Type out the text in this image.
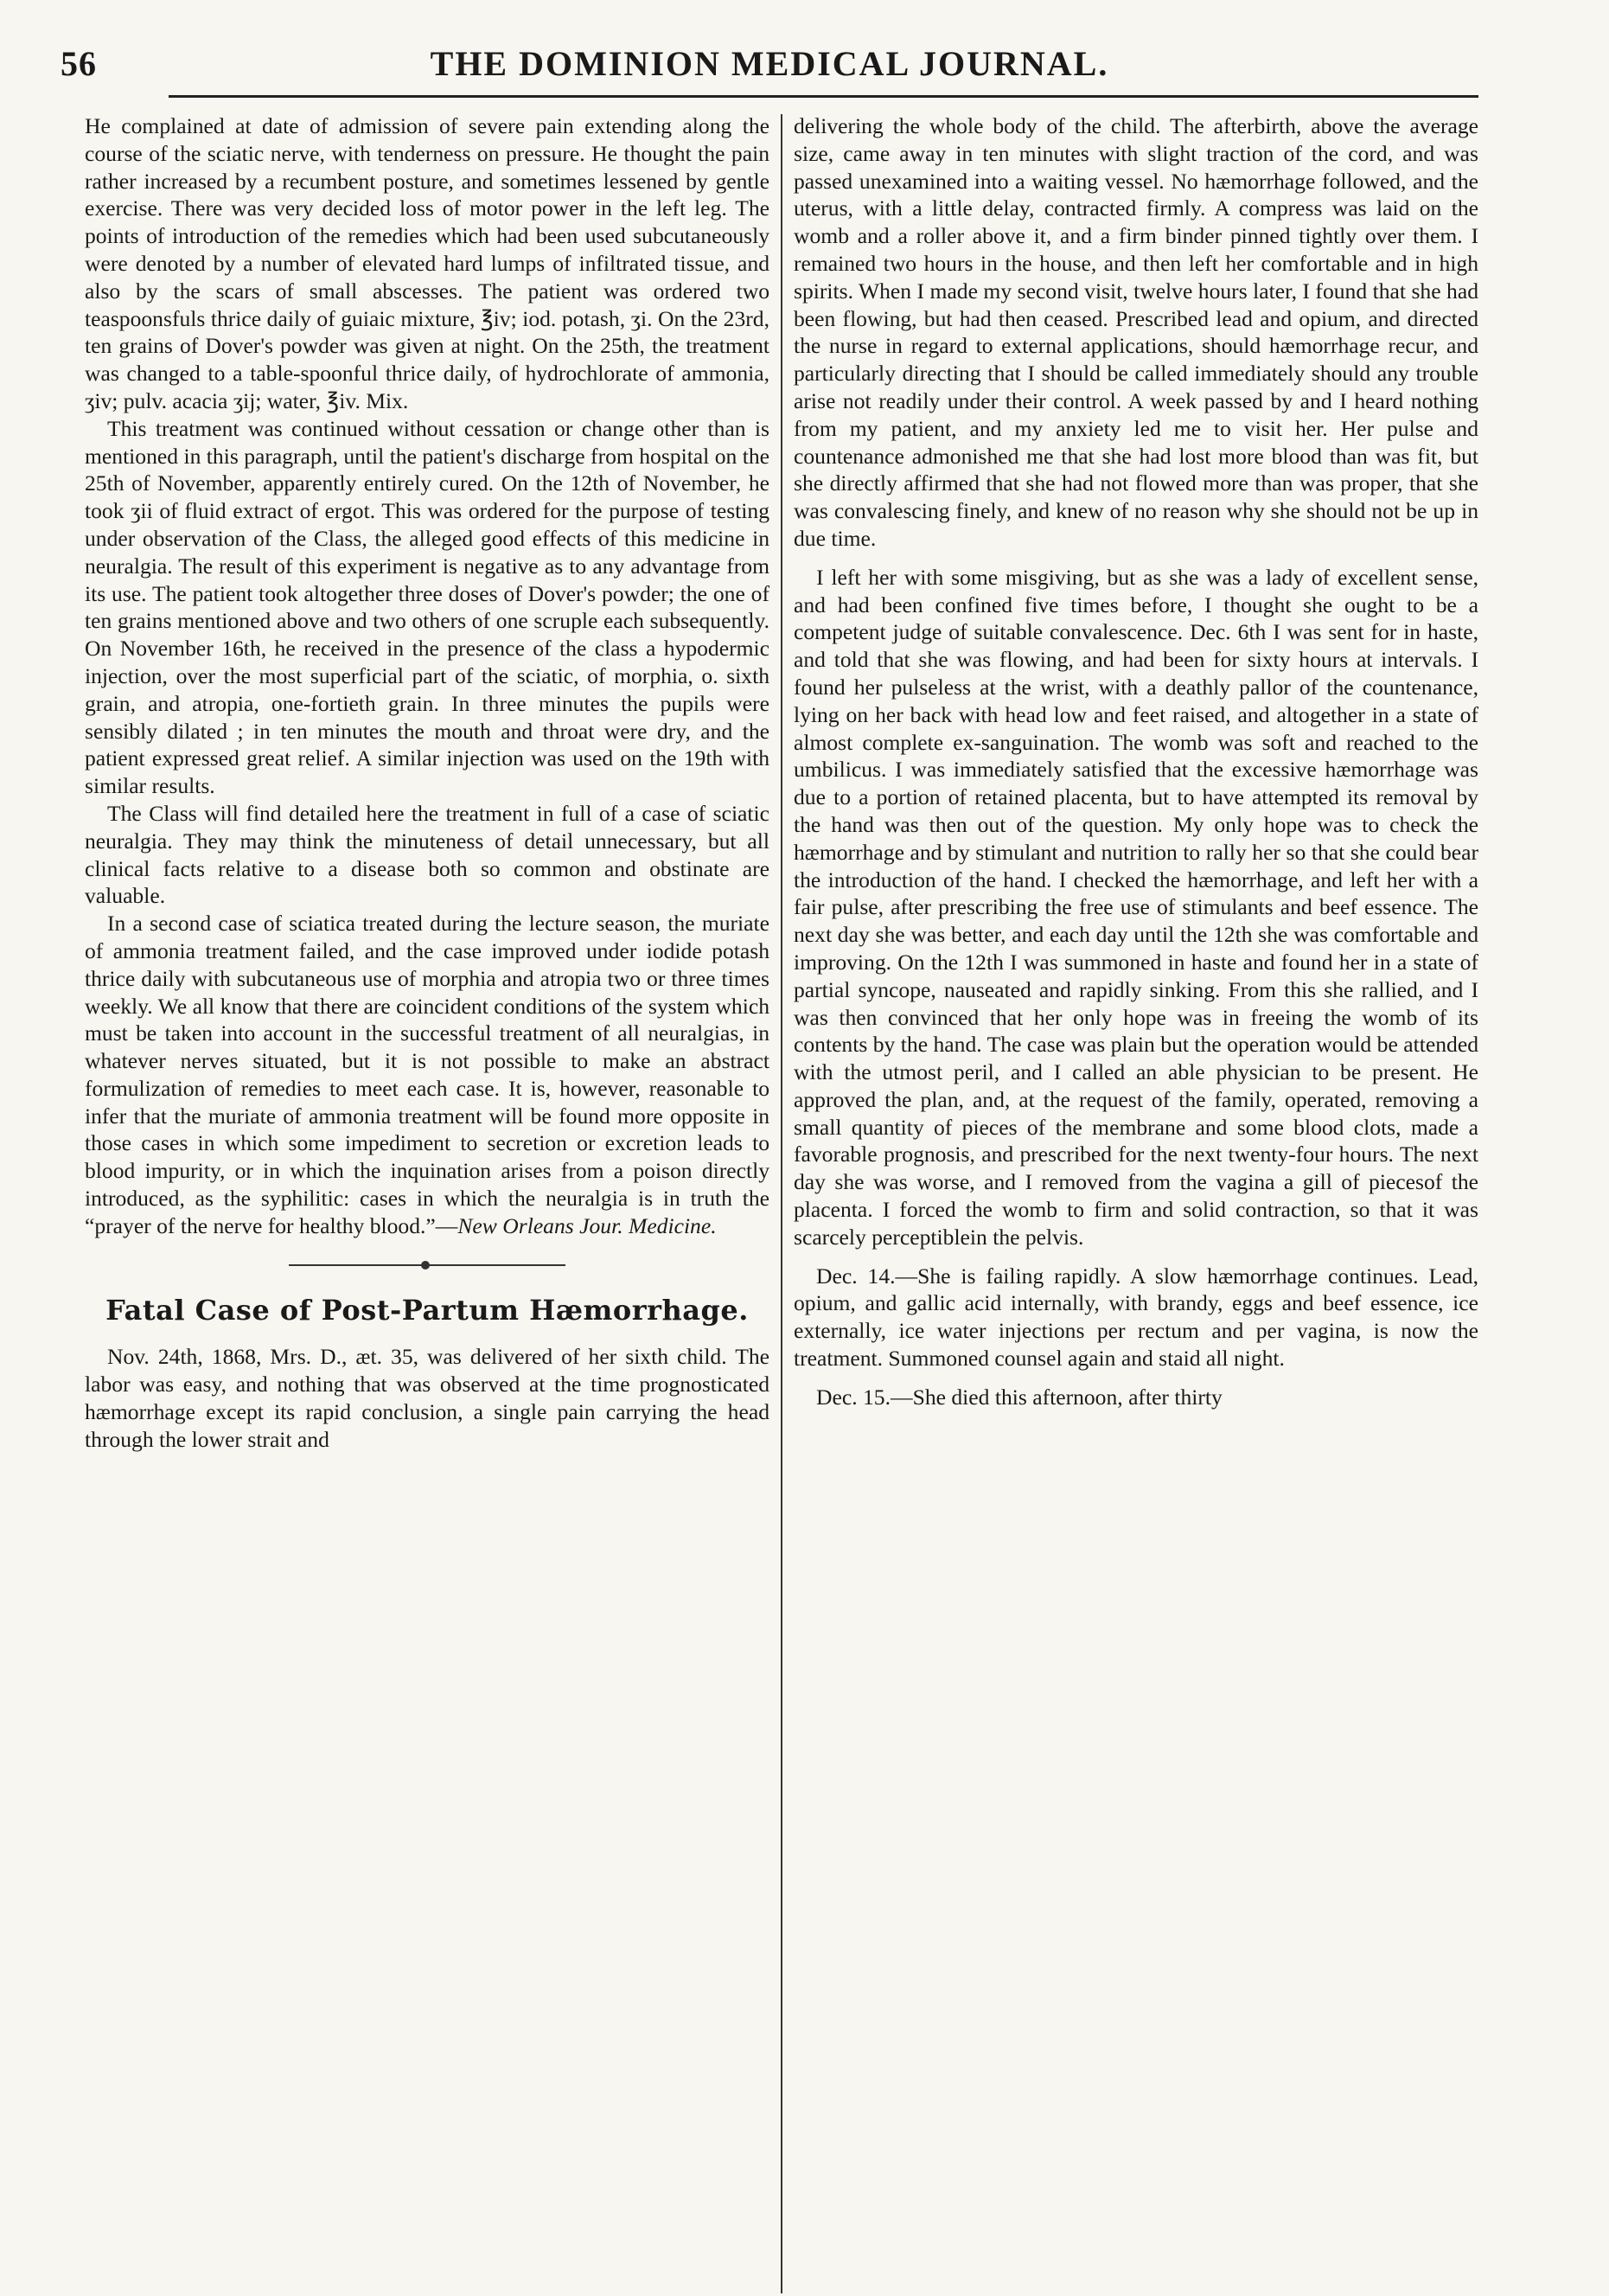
56	THE DOMINION MEDICAL JOURNAL.

He complained at date of admission of severe pain extending along the course of the sciatic nerve, with tenderness on pressure. He thought the pain rather increased by a recumbent posture, and sometimes lessened by gentle exercise. There was very decided loss of motor power in the left leg. The points of introduction of the remedies which had been used subcutaneously were denoted by a number of elevated hard lumps of infiltrated tissue, and also by the scars of small abscesses. The patient was ordered two teaspoonsfuls thrice daily of guiaic mixture, ℥iv; iod. potash, ʒi. On the 23rd, ten grains of Dover's powder was given at night. On the 25th, the treatment was changed to a table-spoonful thrice daily, of hydrochlorate of ammonia, ʒiv; pulv. acacia ʒij; water, ℥iv. Mix.

This treatment was continued without cessation or change other than is mentioned in this paragraph, until the patient's discharge from hospital on the 25th of November, apparently entirely cured. On the 12th of November, he took ʒii of fluid extract of ergot. This was ordered for the purpose of testing under observation of the Class, the alleged good effects of this medicine in neuralgia. The result of this experiment is negative as to any advantage from its use. The patient took altogether three doses of Dover's powder; the one of ten grains mentioned above and two others of one scruple each subsequently. On November 16th, he received in the presence of the class a hypodermic injection, over the most superficial part of the sciatic, of morphia, o. sixth grain, and atropia, one-fortieth grain. In three minutes the pupils were sensibly dilated ; in ten minutes the mouth and throat were dry, and the patient expressed great relief. A similar injection was used on the 19th with similar results.

The Class will find detailed here the treatment in full of a case of sciatic neuralgia. They may think the minuteness of detail unnecessary, but all clinical facts relative to a disease both so common and obstinate are valuable.

In a second case of sciatica treated during the lecture season, the muriate of ammonia treatment failed, and the case improved under iodide potash thrice daily with subcutaneous use of morphia and atropia two or three times weekly. We all know that there are coincident conditions of the system which must be taken into account in the successful treatment of all neuralgias, in whatever nerves situated, but it is not possible to make an abstract formulization of remedies to meet each case. It is, however, reasonable to infer that the muriate of ammonia treatment will be found more opposite in those cases in which some impediment to secretion or excretion leads to blood impurity, or in which the inquination arises from a poison directly introduced, as the syphilitic: cases in which the neuralgia is in truth the “prayer of the nerve for healthy blood.”—New Orleans Jour. Medicine.

Fatal Case of Post-Partum Hæmorrhage.

Nov. 24th, 1868, Mrs. D., æt. 35, was delivered of her sixth child. The labor was easy, and nothing that was observed at the time prognosticated hæmorrhage except its rapid conclusion, a single pain carrying the head through the lower strait and

delivering the whole body of the child. The afterbirth, above the average size, came away in ten minutes with slight traction of the cord, and was passed unexamined into a waiting vessel. No hæmorrhage followed, and the uterus, with a little delay, contracted firmly. A compress was laid on the womb and a roller above it, and a firm binder pinned tightly over them. I remained two hours in the house, and then left her comfortable and in high spirits. When I made my second visit, twelve hours later, I found that she had been flowing, but had then ceased. Prescribed lead and opium, and directed the nurse in regard to external applications, should hæmorrhage recur, and particularly directing that I should be called immediately should any trouble arise not readily under their control. A week passed by and I heard nothing from my patient, and my anxiety led me to visit her. Her pulse and countenance admonished me that she had lost more blood than was fit, but she directly affirmed that she had not flowed more than was proper, that she was convalescing finely, and knew of no reason why she should not be up in due time.

I left her with some misgiving, but as she was a lady of excellent sense, and had been confined five times before, I thought she ought to be a competent judge of suitable convalescence. Dec. 6th I was sent for in haste, and told that she was flowing, and had been for sixty hours at intervals. I found her pulseless at the wrist, with a deathly pallor of the countenance, lying on her back with head low and feet raised, and altogether in a state of almost complete ex-sanguination. The womb was soft and reached to the umbilicus. I was immediately satisfied that the excessive hæmorrhage was due to a portion of retained placenta, but to have attempted its removal by the hand was then out of the question. My only hope was to check the hæmorrhage and by stimulant and nutrition to rally her so that she could bear the introduction of the hand. I checked the hæmorrhage, and left her with a fair pulse, after prescribing the free use of stimulants and beef essence. The next day she was better, and each day until the 12th she was comfortable and improving. On the 12th I was summoned in haste and found her in a state of partial syncope, nauseated and rapidly sinking. From this she rallied, and I was then convinced that her only hope was in freeing the womb of its contents by the hand. The case was plain but the operation would be attended with the utmost peril, and I called an able physician to be present. He approved the plan, and, at the request of the family, operated, removing a small quantity of pieces of the membrane and some blood clots, made a favorable prognosis, and prescribed for the next twenty-four hours. The next day she was worse, and I removed from the vagina a gill of piecesof the placenta. I forced the womb to firm and solid contraction, so that it was scarcely perceptiblein the pelvis.

Dec. 14.—She is failing rapidly. A slow hæmorrhage continues. Lead, opium, and gallic acid internally, with brandy, eggs and beef essence, ice externally, ice water injections per rectum and per vagina, is now the treatment. Summoned counsel again and staid all night.

Dec. 15.—She died this afternoon, after thirty
